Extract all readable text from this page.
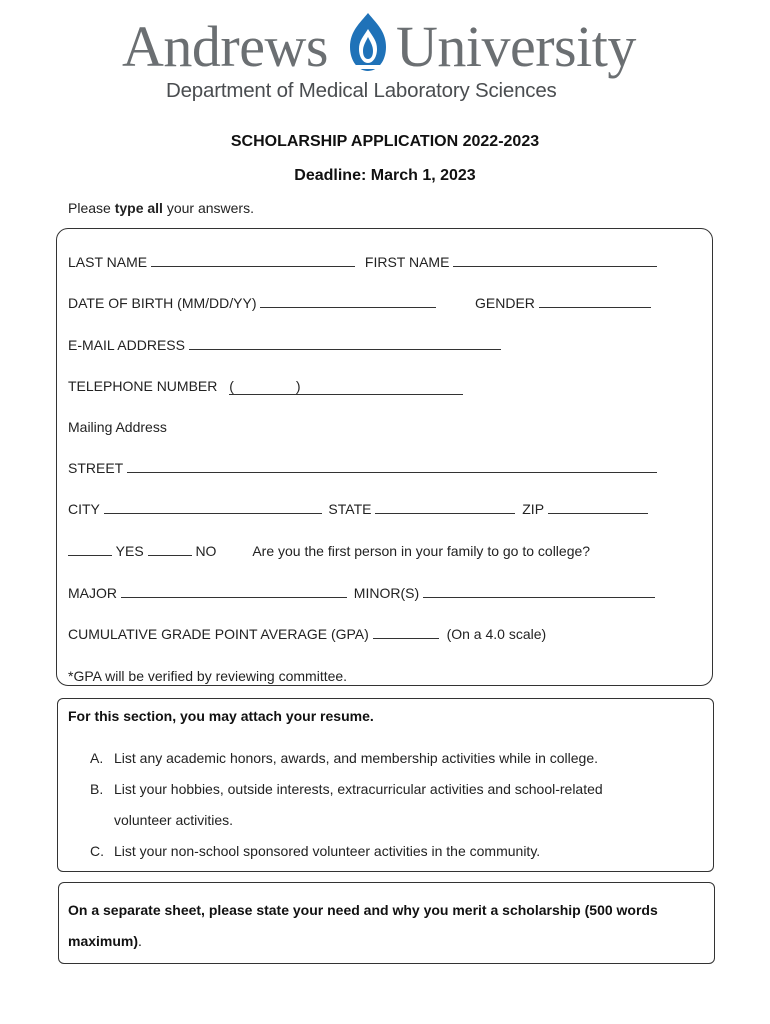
Andrews University
Department of Medical Laboratory Sciences
SCHOLARSHIP APPLICATION 2022-2023
Deadline: March 1, 2023
Please type all your answers.
LAST NAME	FIRST NAME
DATE OF BIRTH (MM/DD/YY)	GENDER
E-MAIL ADDRESS
TELEPHONE NUMBER (	)
Mailing Address
STREET
CITY	STATE	ZIP
YES	NO	Are you the first person in your family to go to college?
MAJOR	MINOR(S)
CUMULATIVE GRADE POINT AVERAGE (GPA)	(On a 4.0 scale)
*GPA will be verified by reviewing committee.
For this section, you may attach your resume.
A. List any academic honors, awards, and membership activities while in college.
B. List your hobbies, outside interests, extracurricular activities and school-related
volunteer activities.
C. List your non-school sponsored volunteer activities in the community.
On a separate sheet, please state your need and why you merit a scholarship (500 words maximum).
